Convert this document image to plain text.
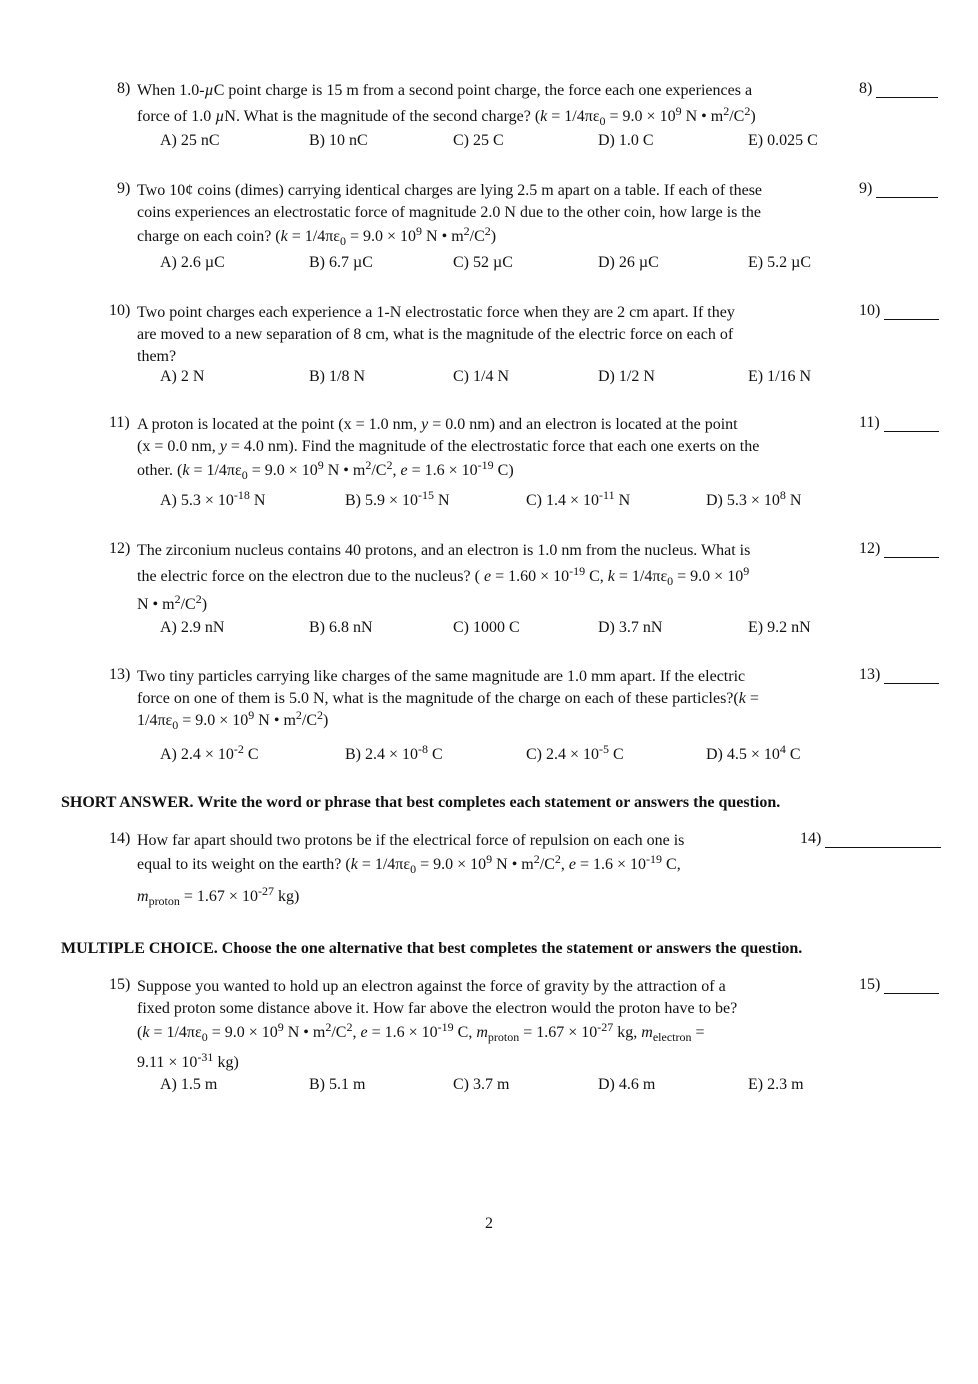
8) When 1.0-µC point charge is 15 m from a second point charge, the force each one experiences a
force of 1.0 µN. What is the magnitude of the second charge? ($k = 1/4\pi\varepsilon_0 = 9.0 \times 10^9$ N • $m^2/C^2$)
8)
A) 25 nC	B) 10 nC	C) 25 C	D) 1.0 C	E) 0.025 C
9) Two 10¢ coins (dimes) carrying identical charges are lying 2.5 m apart on a table. If each of these
coins experiences an electrostatic force of magnitude 2.0 N due to the other coin, how large is the
charge on each coin? ($k = 1/4\pi\varepsilon_0 = 9.0 \times 10^9$ N • $m^2/C^2$)
9)
A) 2.6 µC	B) 6.7 µC	C) 52 µC	D) 26 µC	E) 5.2 µC
10) Two point charges each experience a 1-N electrostatic force when they are 2 cm apart. If they
are moved to a new separation of 8 cm, what is the magnitude of the electric force on each of
them?
10)
A) 2 N	B) 1/8 N	C) 1/4 N	D) 1/2 N	E) 1/16 N
11) A proton is located at the point (x = 1.0 nm, y = 0.0 nm) and an electron is located at the point
(x = 0.0 nm, y = 4.0 nm). Find the magnitude of the electrostatic force that each one exerts on the
other. ($k = 1/4\pi\varepsilon_0 = 9.0 \times 10^9$ N • $m^2/C^2$, $e = 1.6 \times 10^{-19}$ C)
11)
A) $5.3 \times 10^{-18}$ N	B) $5.9 \times 10^{-15}$ N	C) $1.4 \times 10^{-11}$ N	D) $5.3 \times 10^8$ N
12) The zirconium nucleus contains 40 protons, and an electron is 1.0 nm from the nucleus. What is
the electric force on the electron due to the nucleus? ( $e = 1.60 \times 10^{-19}$ C, $k = 1/4\pi\varepsilon_0 = 9.0 \times 10^9$
N • $m^2/C^2$)
12)
A) 2.9 nN	B) 6.8 nN	C) 1000 C	D) 3.7 nN	E) 9.2 nN
13) Two tiny particles carrying like charges of the same magnitude are 1.0 mm apart. If the electric
force on one of them is 5.0 N, what is the magnitude of the charge on each of these particles?(k =
$1/4\pi\varepsilon_0 = 9.0 \times 10^9$ N • $m^2/C^2$)
13)
A) $2.4 \times 10^{-2}$ C	B) $2.4 \times 10^{-8}$ C	C) $2.4 \times 10^{-5}$ C	D) $4.5 \times 10^4$ C
SHORT ANSWER. Write the word or phrase that best completes each statement or answers the question.
14) How far apart should two protons be if the electrical force of repulsion on each one is
equal to its weight on the earth? ($k = 1/4\pi\varepsilon_0 = 9.0 \times 10^9$ N • $m^2/C^2$, $e = 1.6 \times 10^{-19}$ C,
$m_{proton} = 1.67 \times 10^{-27}$ kg)
14)
MULTIPLE CHOICE. Choose the one alternative that best completes the statement or answers the question.
15) Suppose you wanted to hold up an electron against the force of gravity by the attraction of a
fixed proton some distance above it. How far above the electron would the proton have to be?
($k = 1/4\pi\varepsilon_0 = 9.0 \times 10^9$ N • $m^2/C^2$, $e = 1.6 \times 10^{-19}$ C, $m_{proton} = 1.67 \times 10^{-27}$ kg, $m_{electron}$ =
$9.11 \times 10^{-31}$ kg)
15)
A) 1.5 m	B) 5.1 m	C) 3.7 m	D) 4.6 m	E) 2.3 m
2
